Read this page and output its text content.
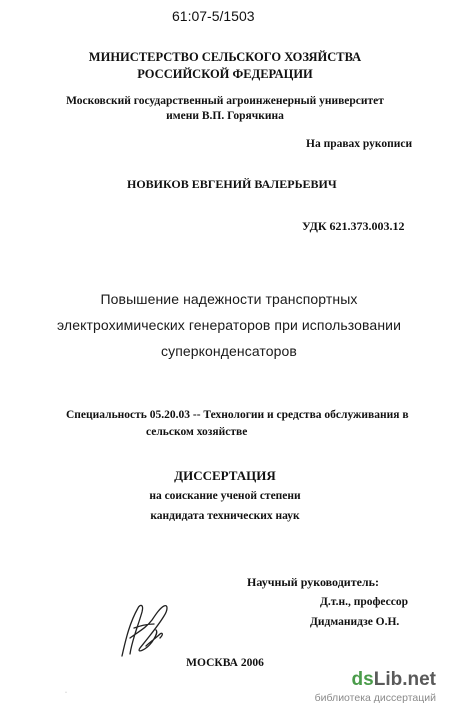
61:07-5/1503
МИНИСТЕРСТВО СЕЛЬСКОГО ХОЗЯЙСТВА
РОССИЙСКОЙ ФЕДЕРАЦИИ
Московский государственный агроинженерный университет
имени В.П. Горячкина
На правах рукописи
НОВИКОВ ЕВГЕНИЙ ВАЛЕРЬЕВИЧ
УДК 621.373.003.12
Повышение надежности транспортных
электрохимических генераторов при использовании
суперконденсаторов
Специальность 05.20.03 -- Технологии и средства обслуживания в
сельском хозяйстве
ДИССЕРТАЦИЯ
на соискание ученой степени
кандидата технических наук
Научный руководитель:
Д.т.н., профессор
Дидманидзе О.Н.
МОСКВА 2006
·
dsLib.net
библиотека диссертаций
